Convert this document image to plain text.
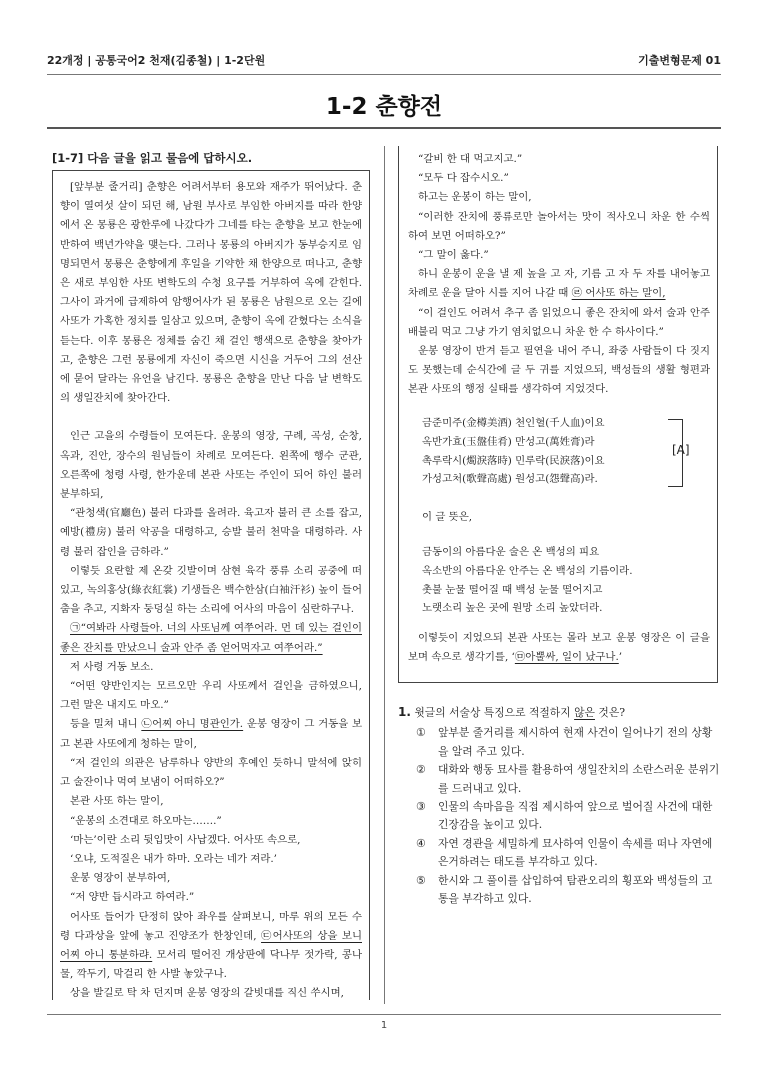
22개정 | 공통국어2 천재(김종철) | 1-2단원	기출변형문제 01
1-2 춘향전
[1-7] 다음 글을 읽고 물음에 답하시오.

[앞부분 줄거리] 춘향은 어려서부터 용모와 재주가 뛰어났다. 춘향이 열여섯 살이 되던 해, 남원 부사로 부임한 아버지를 따라 한양에서 온 몽룡은 광한루에 나갔다가 그네를 타는 춘향을 보고 한눈에 반하여 백년가약을 맺는다. 그러나 몽룡의 아버지가 동부승지로 임명되면서 몽룡은 춘향에게 후일을 기약한 채 한양으로 떠나고, 춘향은 새로 부임한 사또 변학도의 수청 요구를 거부하여 옥에 갇힌다. 그사이 과거에 급제하여 암행어사가 된 몽룡은 남원으로 오는 길에 사또가 가혹한 정치를 일삼고 있으며, 춘향이 옥에 갇혔다는 소식을 듣는다. 이후 몽룡은 정체를 숨긴 채 걸인 행색으로 춘향을 찾아가고, 춘향은 그런 몽룡에게 자신이 죽으면 시신을 거두어 그의 선산에 묻어 달라는 유언을 남긴다. 몽룡은 춘향을 만난 다음 날 변학도의 생일잔치에 찾아간다.

인근 고을의 수령들이 모여든다. 운봉의 영장, 구례, 곡성, 순창, 옥과, 진안, 장수의 원님들이 차례로 모여든다. 왼쪽에 행수 군관, 오른쪽에 청령 사령, 한가운데 본관 사또는 주인이 되어 하인 불러 분부하되,

“관청색(官廳色) 불러 다과를 올려라. 육고자 불러 큰 소를 잡고, 예방(禮房) 불러 악공을 대령하고, 승발 불러 천막을 대령하라. 사령 불러 잡인을 금하라.”

이렇듯 요란할 제 온갖 깃발이며 삼현 육각 풍류 소리 공중에 떠 있고, 녹의홍상(綠衣紅裳) 기생들은 백수한삼(白袖汗衫) 높이 들어 춤을 추고, 지화자 둥덩실 하는 소리에 어사의 마음이 심란하구나.

㉠“여봐라 사령들아. 너의 사또님께 여쭈어라. 먼 데 있는 걸인이 좋은 잔치를 만났으니 술과 안주 좀 얻어먹자고 여쭈어라.”

저 사령 거동 보소.

“어떤 양반인지는 모르오만 우리 사또께서 걸인을 금하였으니, 그런 말은 내지도 마오.”

등을 밀쳐 내니 ㉡어찌 아니 명관인가. 운봉 영장이 그 거동을 보고 본관 사또에게 청하는 말이,

“저 걸인의 의관은 남루하나 양반의 후예인 듯하니 말석에 앉히고 술잔이나 먹여 보냄이 어떠하오?”

본관 사또 하는 말이,

“운봉의 소견대로 하오마는…….”

‘마는’이란 소리 뒷입맛이 사납겠다. 어사또 속으로,

‘오냐, 도적질은 내가 하마. 오라는 네가 져라.’

운봉 영장이 분부하여,

“저 양반 듭시라고 하여라.”

어사또 들어가 단정히 앉아 좌우를 살펴보니, 마루 위의 모든 수령 다과상을 앞에 놓고 진양조가 한창인데, ㉢어사또의 상을 보니 어찌 아니 통분하랴. 모서리 떨어진 개상판에 닥나무 젓가락, 콩나물, 깍두기, 막걸리 한 사발 놓았구나.

상을 발길로 탁 차 던지며 운봉 영장의 갈빗대를 직신 쑤시며,

“갈비 한 대 먹고지고.”

“모두 다 잡수시오.”

하고는 운봉이 하는 말이,

“이러한 잔치에 풍류로만 놀아서는 맛이 적사오니 차운 한 수씩 하여 보면 어떠하오?”

“그 말이 옳다.”

하니 운봉이 운을 낼 제 높을 고 자, 기름 고 자 두 자를 내어놓고 차례로 운을 달아 시를 지어 나갈 때 ㉣ 어사또 하는 말이,

“이 걸인도 어려서 추구 좀 읽었으니 좋은 잔치에 와서 술과 안주 배불리 먹고 그냥 가기 염치없으니 차운 한 수 하사이다.”

운봉 영장이 반겨 듣고 필연을 내어 주니, 좌중 사람들이 다 짓지도 못했는데 순식간에 글 두 귀를 지었으되, 백성들의 생활 형편과 본관 사또의 행정 실태를 생각하여 지었것다.

금준미주(金樽美酒) 천인혈(千人血)이요
옥반가효(玉盤佳肴) 만성고(萬姓膏)라
촉루락시(燭淚落時) 민루락(民淚落)이요
가성고처(歌聲高處) 원성고(怨聲高)라.
[A]
이 글 뜻은,
금동이의 아름다운 술은 온 백성의 피요
옥소반의 아름다운 안주는 온 백성의 기름이라.
촛불 눈물 떨어질 때 백성 눈물 떨어지고
노랫소리 높은 곳에 원망 소리 높았더라.

이렇듯이 지었으되 본관 사또는 몰라 보고 운봉 영장은 이 글을 보며 속으로 생각기를, ‘㉤아뿔싸, 일이 났구나.’

1. 윗글의 서술상 특징으로 적절하지 않은 것은?
① 앞부분 줄거리를 제시하여 현재 사건이 일어나기 전의 상황을 알려 주고 있다.
② 대화와 행동 묘사를 활용하여 생일잔치의 소란스러운 분위기를 드러내고 있다.
③ 인물의 속마음을 직접 제시하여 앞으로 벌어질 사건에 대한 긴장감을 높이고 있다.
④ 자연 경관을 세밀하게 묘사하여 인물이 속세를 떠나 자연에 은거하려는 태도를 부각하고 있다.
⑤ 한시와 그 풀이를 삽입하여 탐관오리의 횡포와 백성들의 고통을 부각하고 있다.
1
